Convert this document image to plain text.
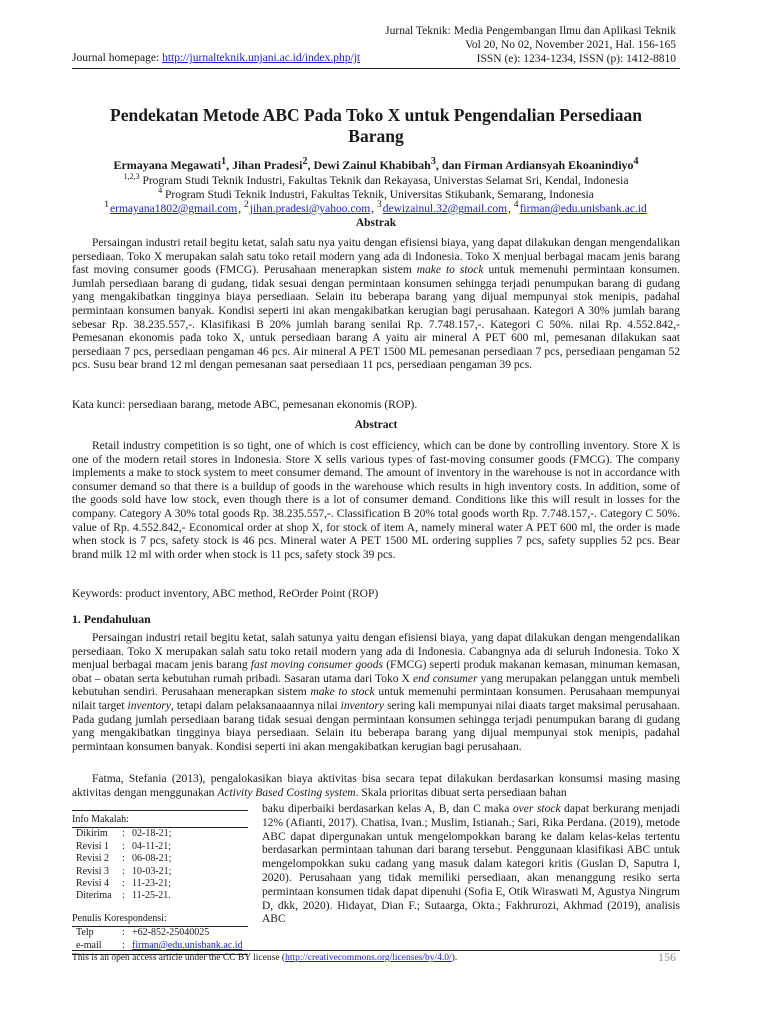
Jurnal Teknik: Media Pengembangan Ilmu dan Aplikasi Teknik
Vol 20, No 02, November 2021, Hal. 156-165
ISSN (e): 1234-1234, ISSN (p): 1412-8810
Journal homepage: http://jurnalteknik.unjani.ac.id/index.php/jt
Pendekatan Metode ABC Pada Toko X untuk Pengendalian Persediaan
Barang
Ermayana Megawati$^1$, Jihan Pradesi$^2$, Dewi Zainul Khabibah$^3$, dan Firman Ardiansyah Ekoanindiyo$^4$
$^{1,2,3}$ Program Studi Teknik Industri, Fakultas Teknik dan Rekayasa, Universtas Selamat Sri, Kendal, Indonesia
$^4$ Program Studi Teknik Industri, Fakultas Teknik, Universitas Stikubank, Semarang, Indonesia
$^1$ermayana1802@gmail.com, $^2$jihan.pradesi@yahoo.com, $^3$dewizainul.32@gmail.com, $^4$firman@edu.unisbank.ac.id
Abstrak

Persaingan industri retail begitu ketat, salah satu nya yaitu dengan efisiensi biaya, yang dapat dilakukan dengan mengendalikan persediaan. Toko X merupakan salah satu toko retail modern yang ada di Indonesia. Toko X menjual berbagai macam jenis barang fast moving consumer goods (FMCG). Perusahaan menerapkan sistem make to stock untuk memenuhi permintaan konsumen. Jumlah persediaan barang di gudang, tidak sesuai dengan permintaan konsumen sehingga terjadi penumpukan barang di gudang yang mengakibatkan tingginya biaya persediaan. Selain itu beberapa barang yang dijual mempunyai stok menipis, padahal permintaan konsumen banyak. Kondisi seperti ini akan mengakibatkan kerugian bagi perusahaan. Kategori A 30% jumlah barang sebesar Rp. 38.235.557,-. Klasifikasi B 20% jumlah barang senilai Rp. 7.748.157,-. Kategori C 50%. nilai Rp. 4.552.842,- Pemesanan ekonomis pada toko X, untuk persediaan barang A yaitu air mineral A PET 600 ml, pemesanan dilakukan saat persediaan 7 pcs, persediaan pengaman 46 pcs. Air mineral A PET 1500 ML pemesanan persediaan 7 pcs, persediaan pengaman 52 pcs. Susu bear brand 12 ml dengan pemesanan saat persediaan 11 pcs, persediaan pengaman 39 pcs.

Kata kunci: persediaan barang, metode ABC, pemesanan ekonomis (ROP).

Abstract

Retail industry competition is so tight, one of which is cost efficiency, which can be done by controlling inventory. Store X is one of the modern retail stores in Indonesia. Store X sells various types of fast-moving consumer goods (FMCG). The company implements a make to stock system to meet consumer demand. The amount of inventory in the warehouse is not in accordance with consumer demand so that there is a buildup of goods in the warehouse which results in high inventory costs. In addition, some of the goods sold have low stock, even though there is a lot of consumer demand. Conditions like this will result in losses for the company. Category A 30% total goods Rp. 38.235.557,-. Classification B 20% total goods worth Rp. 7.748.157,-. Category C 50%. value of Rp. 4.552.842,- Economical order at shop X, for stock of item A, namely mineral water A PET 600 ml, the order is made when stock is 7 pcs, safety stock is 46 pcs. Mineral water A PET 1500 ML ordering supplies 7 pcs, safety supplies 52 pcs. Bear brand milk 12 ml with order when stock is 11 pcs, safety stock 39 pcs.

Keywords: product inventory, ABC method, ReOrder Point (ROP)

1. Pendahuluan

Persaingan industri retail begitu ketat, salah satunya yaitu dengan efisiensi biaya, yang dapat dilakukan dengan mengendalikan persediaan. Toko X merupakan salah satu toko retail modern yang ada di Indonesia. Cabangnya ada di seluruh Indonesia. Toko X menjual berbagai macam jenis barang fast moving consumer goods (FMCG) seperti produk makanan kemasan, minuman kemasan, obat – obatan serta kebutuhan rumah pribadi. Sasaran utama dari Toko X end consumer yang merupakan pelanggan untuk membeli kebutuhan sendiri. Perusahaan menerapkan sistem make to stock untuk memenuhi permintaan konsumen. Perusahaan mempunyai nilait target inventory, tetapi dalam pelaksanaaannya nilai inventory sering kali mempunyai nilai diaats target maksimal perusahaan. Pada gudang jumlah persediaan barang tidak sesuai dengan permintaan konsumen sehingga terjadi penumpukan barang di gudang yang mengakibatkan tingginya biaya persediaan. Selain itu beberapa barang yang dijual mempunyai stok menipis, padahal permintaan konsumen banyak. Kondisi seperti ini akan mengakibatkan kerugian bagi perusahaan.

Fatma, Stefania (2013), pengalokasikan biaya aktivitas bisa secara tepat dilakukan berdasarkan konsumsi masing masing aktivitas dengan menggunakan Activity Based Costing system. Skala prioritas dibuat serta persediaan bahan

Info Makalah:
Dikirim	: 02-18-21;
Revisi 1	: 04-11-21;
Revisi 2	: 06-08-21;
Revisi 3	: 10-03-21;
Revisi 4	: 11-23-21;
Diterima	: 11-25-21.
Penulis Korespondensi:
Telp	: +62-852-25040025
e-mail	: firman@edu.unisbank.ac.id

baku diperbaiki berdasarkan kelas A, B, dan C maka over stock dapat berkurang menjadi 12% (Afianti, 2017). Chatisa, Ivan.; Muslim, Istianah.; Sari, Rika Perdana. (2019), metode ABC dapat dipergunakan untuk mengelompokkan barang ke dalam kelas-kelas tertentu berdasarkan permintaan tahunan dari barang tersebut. Penggunaan klasifikasi ABC untuk mengelompokkan suku cadang yang masuk dalam kategori kritis (Guslan D, Saputra I, 2020). Perusahaan yang tidak memiliki persediaan, akan menanggung resiko serta permintaan konsumen tidak dapat dipenuhi (Sofia E, Otik Wiraswati M, Agustya Ningrum D, dkk, 2020). Hidayat, Dian F.; Sutaarga, Okta.; Fakhrurozi, Akhmad (2019), analisis ABC

This is an open access article under the CC BY license (http://creativecommons.org/licenses/by/4.0/).	156
